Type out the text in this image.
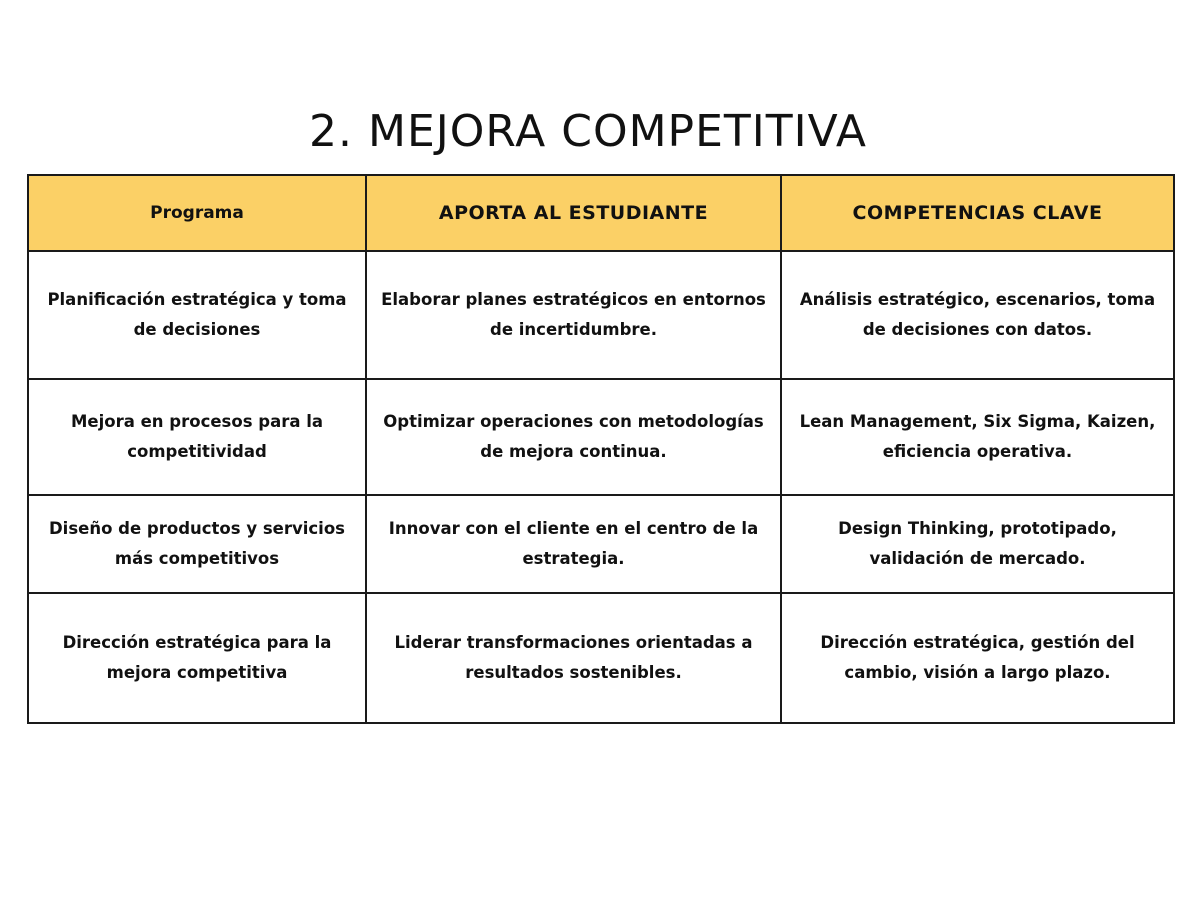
2. MEJORA COMPETITIVA
Programa	APORTA AL ESTUDIANTE	COMPETENCIAS CLAVE
Planificación estratégica y toma de decisiones	Elaborar planes estratégicos en entornos de incertidumbre.	Análisis estratégico, escenarios, toma de decisiones con datos.
Mejora en procesos para la competitividad	Optimizar operaciones con metodologías de mejora continua.	Lean Management, Six Sigma, Kaizen, eficiencia operativa.
Diseño de productos y servicios más competitivos	Innovar con el cliente en el centro de la estrategia.	Design Thinking, prototipado, validación de mercado.
Dirección estratégica para la mejora competitiva	Liderar transformaciones orientadas a resultados sostenibles.	Dirección estratégica, gestión del cambio, visión a largo plazo.
